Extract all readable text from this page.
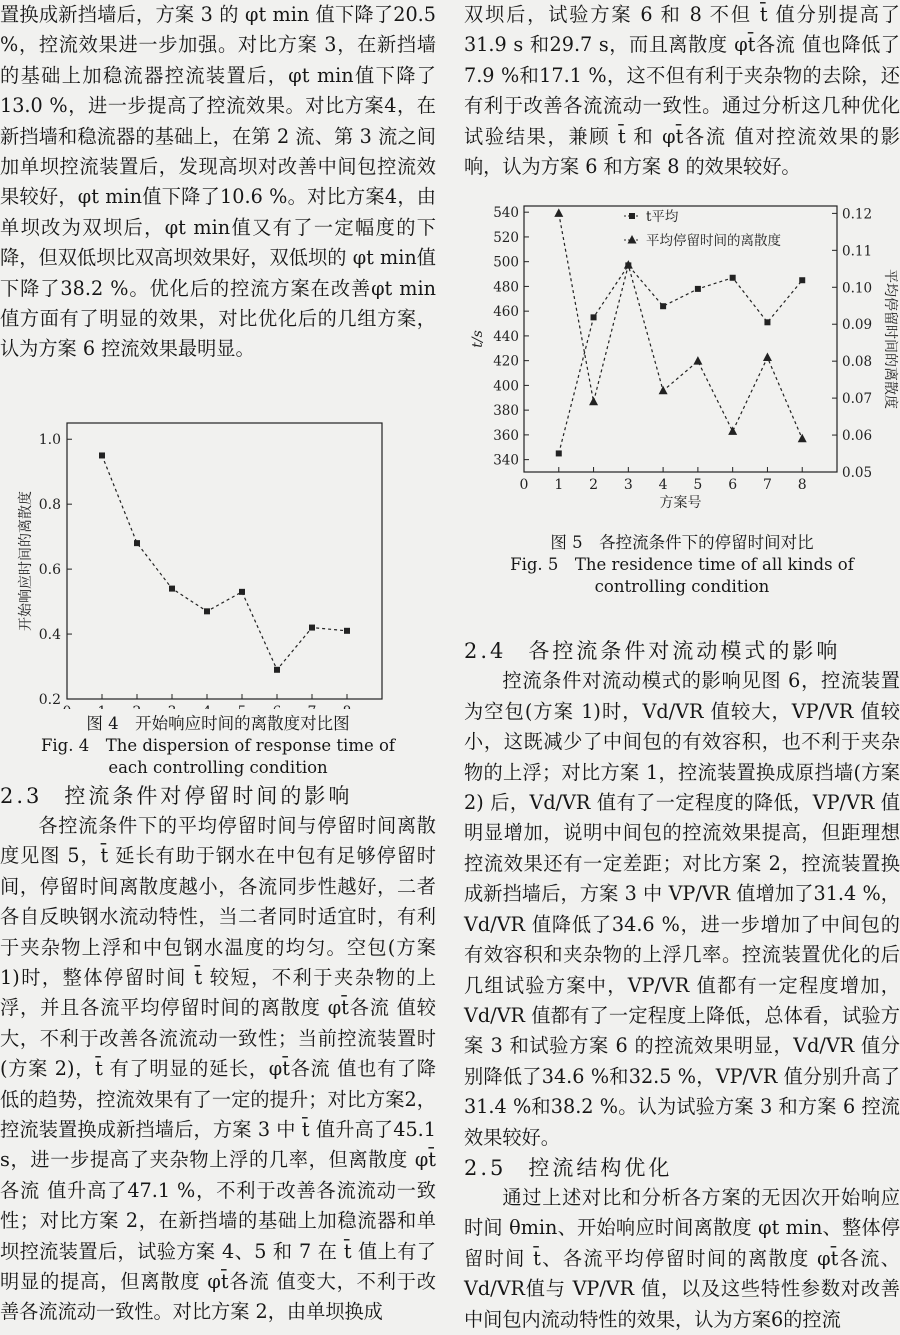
置换成新挡墙后，方案 3 的 φt min 值下降了20.5 %，控流效果进一步加强。对比方案 3，在新挡墙的基础上加稳流器控流装置后，φt min值下降了13.0 %，进一步提高了控流效果。对比方案4，在新挡墙和稳流器的基础上，在第 2 流、第 3 流之间加单坝控流装置后，发现高坝对改善中间包控流效果较好，φt min值下降了10.6 %。对比方案4，由单坝改为双坝后，φt min值又有了一定幅度的下降，但双低坝比双高坝效果好，双低坝的 φt min值下降了38.2 %。优化后的控流方案在改善φt min值方面有了明显的效果，对比优化后的几组方案，认为方案 6 控流效果最明显。

0.2
0.4
0.6
0.8
1.0
开始响应时间的离散度
图 4　开始响应时间的离散度对比图
Fig. 4　The dispersion of response time of
each controlling condition
2.3 控流条件对停留时间的影响

各控流条件下的平均停留时间与停留时间离散度见图 5，t̄ 延长有助于钢水在中包有足够停留时间，停留时间离散度越小，各流同步性越好，二者各自反映钢水流动特性，当二者同时适宜时，有利于夹杂物上浮和中包钢水温度的均匀。空包(方案 1)时，整体停留时间 t̄ 较短，不利于夹杂物的上浮，并且各流平均停留时间的离散度 φt̄各流 值较大，不利于改善各流流动一致性；当前控流装置时(方案 2)，t̄ 有了明显的延长，φt̄各流 值也有了降低的趋势，控流效果有了一定的提升；对比方案2，控流装置换成新挡墙后，方案 3 中 t̄ 值升高了45.1 s，进一步提高了夹杂物上浮的几率，但离散度 φt̄各流 值升高了47.1 %，不利于改善各流流动一致性；对比方案 2，在新挡墙的基础上加稳流器和单坝控流装置后，试验方案 4、5 和 7 在 t̄ 值上有了明显的提高，但离散度 φt̄各流 值变大，不利于改善各流流动一致性。对比方案 2，由单坝换成

双坝后，试验方案 6 和 8 不但 t̄ 值分别提高了31.9 s 和29.7 s，而且离散度 φt̄各流 值也降低了7.9 %和17.1 %，这不但有利于夹杂物的去除，还有利于改善各流流动一致性。通过分析这几种优化试验结果，兼顾 t̄ 和 φt̄各流 值对控流效果的影响，认为方案 6 和方案 8 的效果较好。

0 1 2 3 4 5 6 7 8
340
360
380
400
420
440
460
480
500
520
540
0.05
0.06
0.07
0.08
0.09
0.10
0.11
0.12
方案号
t/s	平均停留时间的离散度
t平均
平均停留时间的离散度
图 5　各控流条件下的停留时间对比
Fig. 5　The residence time of all kinds of
controlling condition
2.4 各控流条件对流动模式的影响

控流条件对流动模式的影响见图 6，控流装置为空包(方案 1)时，Vd/VR 值较大，VP/VR 值较小，这既减少了中间包的有效容积，也不利于夹杂物的上浮；对比方案 1，控流装置换成原挡墙(方案 2) 后，Vd/VR 值有了一定程度的降低，VP/VR 值明显增加，说明中间包的控流效果提高，但距理想控流效果还有一定差距；对比方案 2，控流装置换成新挡墙后，方案 3 中 VP/VR 值增加了31.4 %，Vd/VR 值降低了34.6 %，进一步增加了中间包的有效容积和夹杂物的上浮几率。控流装置优化的后几组试验方案中，VP/VR 值都有一定程度增加，Vd/VR 值都有了一定程度上降低，总体看，试验方案 3 和试验方案 6 的控流效果明显，Vd/VR 值分别降低了34.6 %和32.5 %，VP/VR 值分别升高了31.4 %和38.2 %。认为试验方案 3 和方案 6 控流效果较好。

2.5 控流结构优化

通过上述对比和分析各方案的无因次开始响应时间 θmin、开始响应时间离散度 φt min、整体停留时间 t̄、各流平均停留时间的离散度 φt̄各流、Vd/VR值与 VP/VR 值，以及这些特性参数对改善中间包内流动特性的效果，认为方案6的控流
